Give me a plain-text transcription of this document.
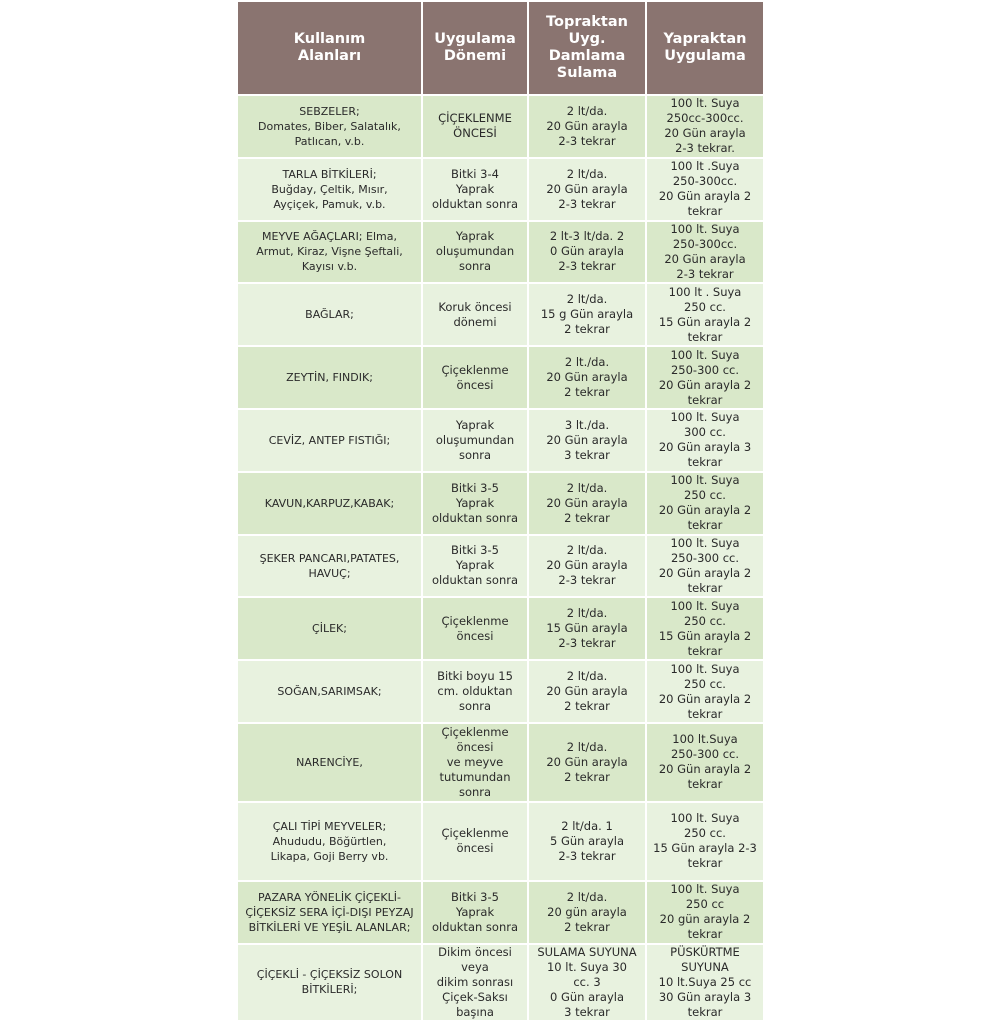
Kullanım
Alanları	Uygulama
Dönemi	Topraktan
Uyg.
Damlama
Sulama	Yapraktan
Uygulama

SEBZELER;
Domates, Biber, Salatalık,
Patlıcan, v.b.	ÇİÇEKLENME
ÖNCESİ	2 lt/da.
20 Gün arayla
2-3 tekrar	100 lt. Suya
250cc-300cc.
20 Gün arayla
2-3 tekrar.

TARLA BİTKİLERİ;
Buğday, Çeltik, Mısır,
Ayçiçek, Pamuk, v.b.	Bitki 3-4
Yaprak
olduktan sonra	2 lt/da.
20 Gün arayla
2-3 tekrar	100 lt .Suya
250-300cc.
20 Gün arayla 2
tekrar

MEYVE AĞAÇLARI; Elma,
Armut, Kiraz, Vişne Şeftali,
Kayısı v.b.	Yaprak
oluşumundan
sonra	2 lt-3 lt/da. 2
0 Gün arayla
2-3 tekrar	100 lt. Suya
250-300cc.
20 Gün arayla
2-3 tekrar

BAĞLAR;	Koruk öncesi
dönemi	2 lt/da.
15 g Gün arayla
2 tekrar	100 lt . Suya
250 cc.
15 Gün arayla 2
tekrar

ZEYTİN, FINDIK;	Çiçeklenme
öncesi	2 lt./da.
20 Gün arayla
2 tekrar	100 lt. Suya
250-300 cc.
20 Gün arayla 2
tekrar

CEVİZ, ANTEP FISTIĞI;	Yaprak
oluşumundan
sonra	3 lt./da.
20 Gün arayla
3 tekrar	100 lt. Suya
300 cc.
20 Gün arayla 3
tekrar

KAVUN,KARPUZ,KABAK;	Bitki 3-5
Yaprak
olduktan sonra	2 lt/da.
20 Gün arayla
2 tekrar	100 lt. Suya
250 cc.
20 Gün arayla 2
tekrar

ŞEKER PANCARI,PATATES,
HAVUÇ;	Bitki 3-5
Yaprak
olduktan sonra	2 lt/da.
20 Gün arayla
2-3 tekrar	100 lt. Suya
250-300 cc.
20 Gün arayla 2
tekrar

ÇİLEK;	Çiçeklenme
öncesi	2 lt/da.
15 Gün arayla
2-3 tekrar	100 lt. Suya
250 cc.
15 Gün arayla 2
tekrar

SOĞAN,SARIMSAK;	Bitki boyu 15
cm. olduktan
sonra	2 lt/da.
20 Gün arayla
2 tekrar	100 lt. Suya
250 cc.
20 Gün arayla 2
tekrar

NARENCİYE,	Çiçeklenme
öncesi
ve meyve
tutumundan
sonra	2 lt/da.
20 Gün arayla
2 tekrar	100 lt.Suya
250-300 cc.
20 Gün arayla 2
tekrar

ÇALI TİPİ MEYVELER;
Ahududu, Böğürtlen,
Likapa, Goji Berry vb.	Çiçeklenme
öncesi	2 lt/da. 1
5 Gün arayla
2-3 tekrar	100 lt. Suya
250 cc.
15 Gün arayla 2-3
tekrar

PAZARA YÖNELİK ÇİÇEKLİ-
ÇİÇEKSİZ SERA İÇİ-DIŞI PEYZAJ
BİTKİLERİ VE YEŞİL ALANLAR;	Bitki 3-5
Yaprak
olduktan sonra	2 lt/da.
20 gün arayla
2 tekrar	100 lt. Suya
250 cc
20 gün arayla 2
tekrar

ÇİÇEKLİ - ÇİÇEKSİZ SOLON
BİTKİLERİ;	Dikim öncesi
veya
dikim sonrası
Çiçek-Saksı
başına	SULAMA SUYUNA
10 lt. Suya 30
cc. 3
0 Gün arayla
3 tekrar	PÜSKÜRTME
SUYUNA
10 lt.Suya 25 cc
30 Gün arayla 3
tekrar
